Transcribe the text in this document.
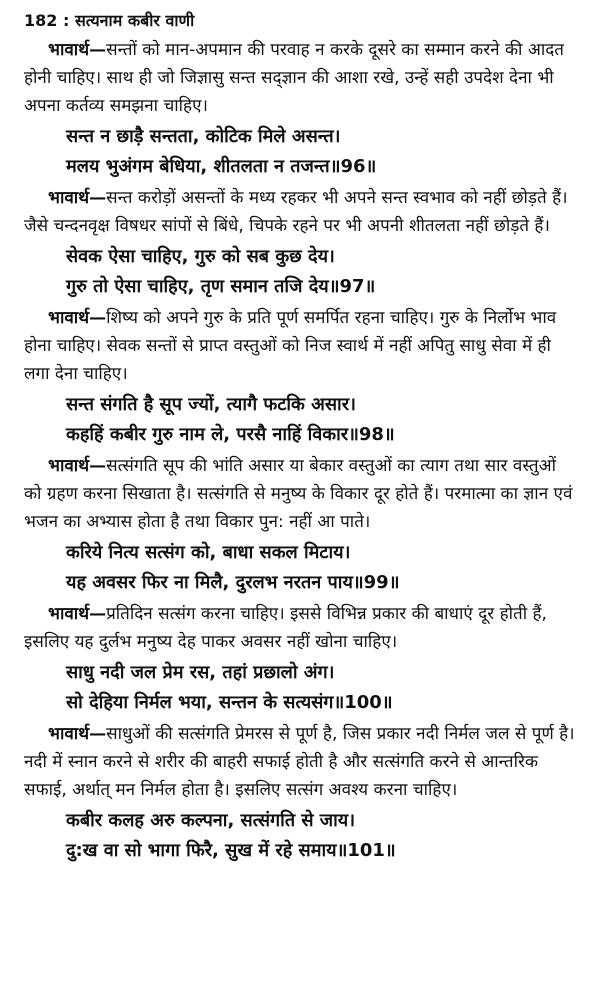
182 : सत्यनाम कबीर वाणी

भावार्थ—सन्तों को मान-अपमान की परवाह न करके दूसरे का सम्मान करने की आदत होनी चाहिए। साथ ही जो जिज्ञासु सन्त सद्ज्ञान की आशा रखे, उन्हें सही उपदेश देना भी अपना कर्तव्य समझना चाहिए।

सन्त न छाड़ै सन्तता, कोटिक मिले असन्त।
मलय भुअंगम बेधिया, शीतलता न तजन्त॥96॥

भावार्थ—सन्त करोड़ों असन्तों के मध्य रहकर भी अपने सन्त स्वभाव को नहीं छोड़ते हैं। जैसे चन्दनवृक्ष विषधर सांपों से बिंधे, चिपके रहने पर भी अपनी शीतलता नहीं छोड़ते हैं।

सेवक ऐसा चाहिए, गुरु को सब कुछ देय।
गुरु तो ऐसा चाहिए, तृण समान तजि देय॥97॥

भावार्थ—शिष्य को अपने गुरु के प्रति पूर्ण समर्पित रहना चाहिए। गुरु के निर्लोभ भाव होना चाहिए। सेवक सन्तों से प्राप्त वस्तुओं को निज स्वार्थ में नहीं अपितु साधु सेवा में ही लगा देना चाहिए।

सन्त संगति है सूप ज्यों, त्यागै फटकि असार।
कहहिं कबीर गुरु नाम ले, परसै नाहिं विकार॥98॥

भावार्थ—सत्संगति सूप की भांति असार या बेकार वस्तुओं का त्याग तथा सार वस्तुओं को ग्रहण करना सिखाता है। सत्संगति से मनुष्य के विकार दूर होते हैं। परमात्मा का ज्ञान एवं भजन का अभ्यास होता है तथा विकार पुन: नहीं आ पाते।

करिये नित्य सत्संग को, बाधा सकल मिटाय।
यह अवसर फिर ना मिलै, दुरलभ नरतन पाय॥99॥

भावार्थ—प्रतिदिन सत्संग करना चाहिए। इससे विभिन्न प्रकार की बाधाएं दूर होती हैं, इसलिए यह दुर्लभ मनुष्य देह पाकर अवसर नहीं खोना चाहिए।

साधु नदी जल प्रेम रस, तहां प्रछालो अंग।
सो देहिया निर्मल भया, सन्तन के सत्यसंग॥100॥

भावार्थ—साधुओं की सत्संगति प्रेमरस से पूर्ण है, जिस प्रकार नदी निर्मल जल से पूर्ण है। नदी में स्नान करने से शरीर की बाहरी सफाई होती है और सत्संगति करने से आन्तरिक सफाई, अर्थात् मन निर्मल होता है। इसलिए सत्संग अवश्य करना चाहिए।

कबीर कलह अरु कल्पना, सत्संगति से जाय।
दु:ख वा सो भागा फिरै, सुख में रहे समाय॥101॥
